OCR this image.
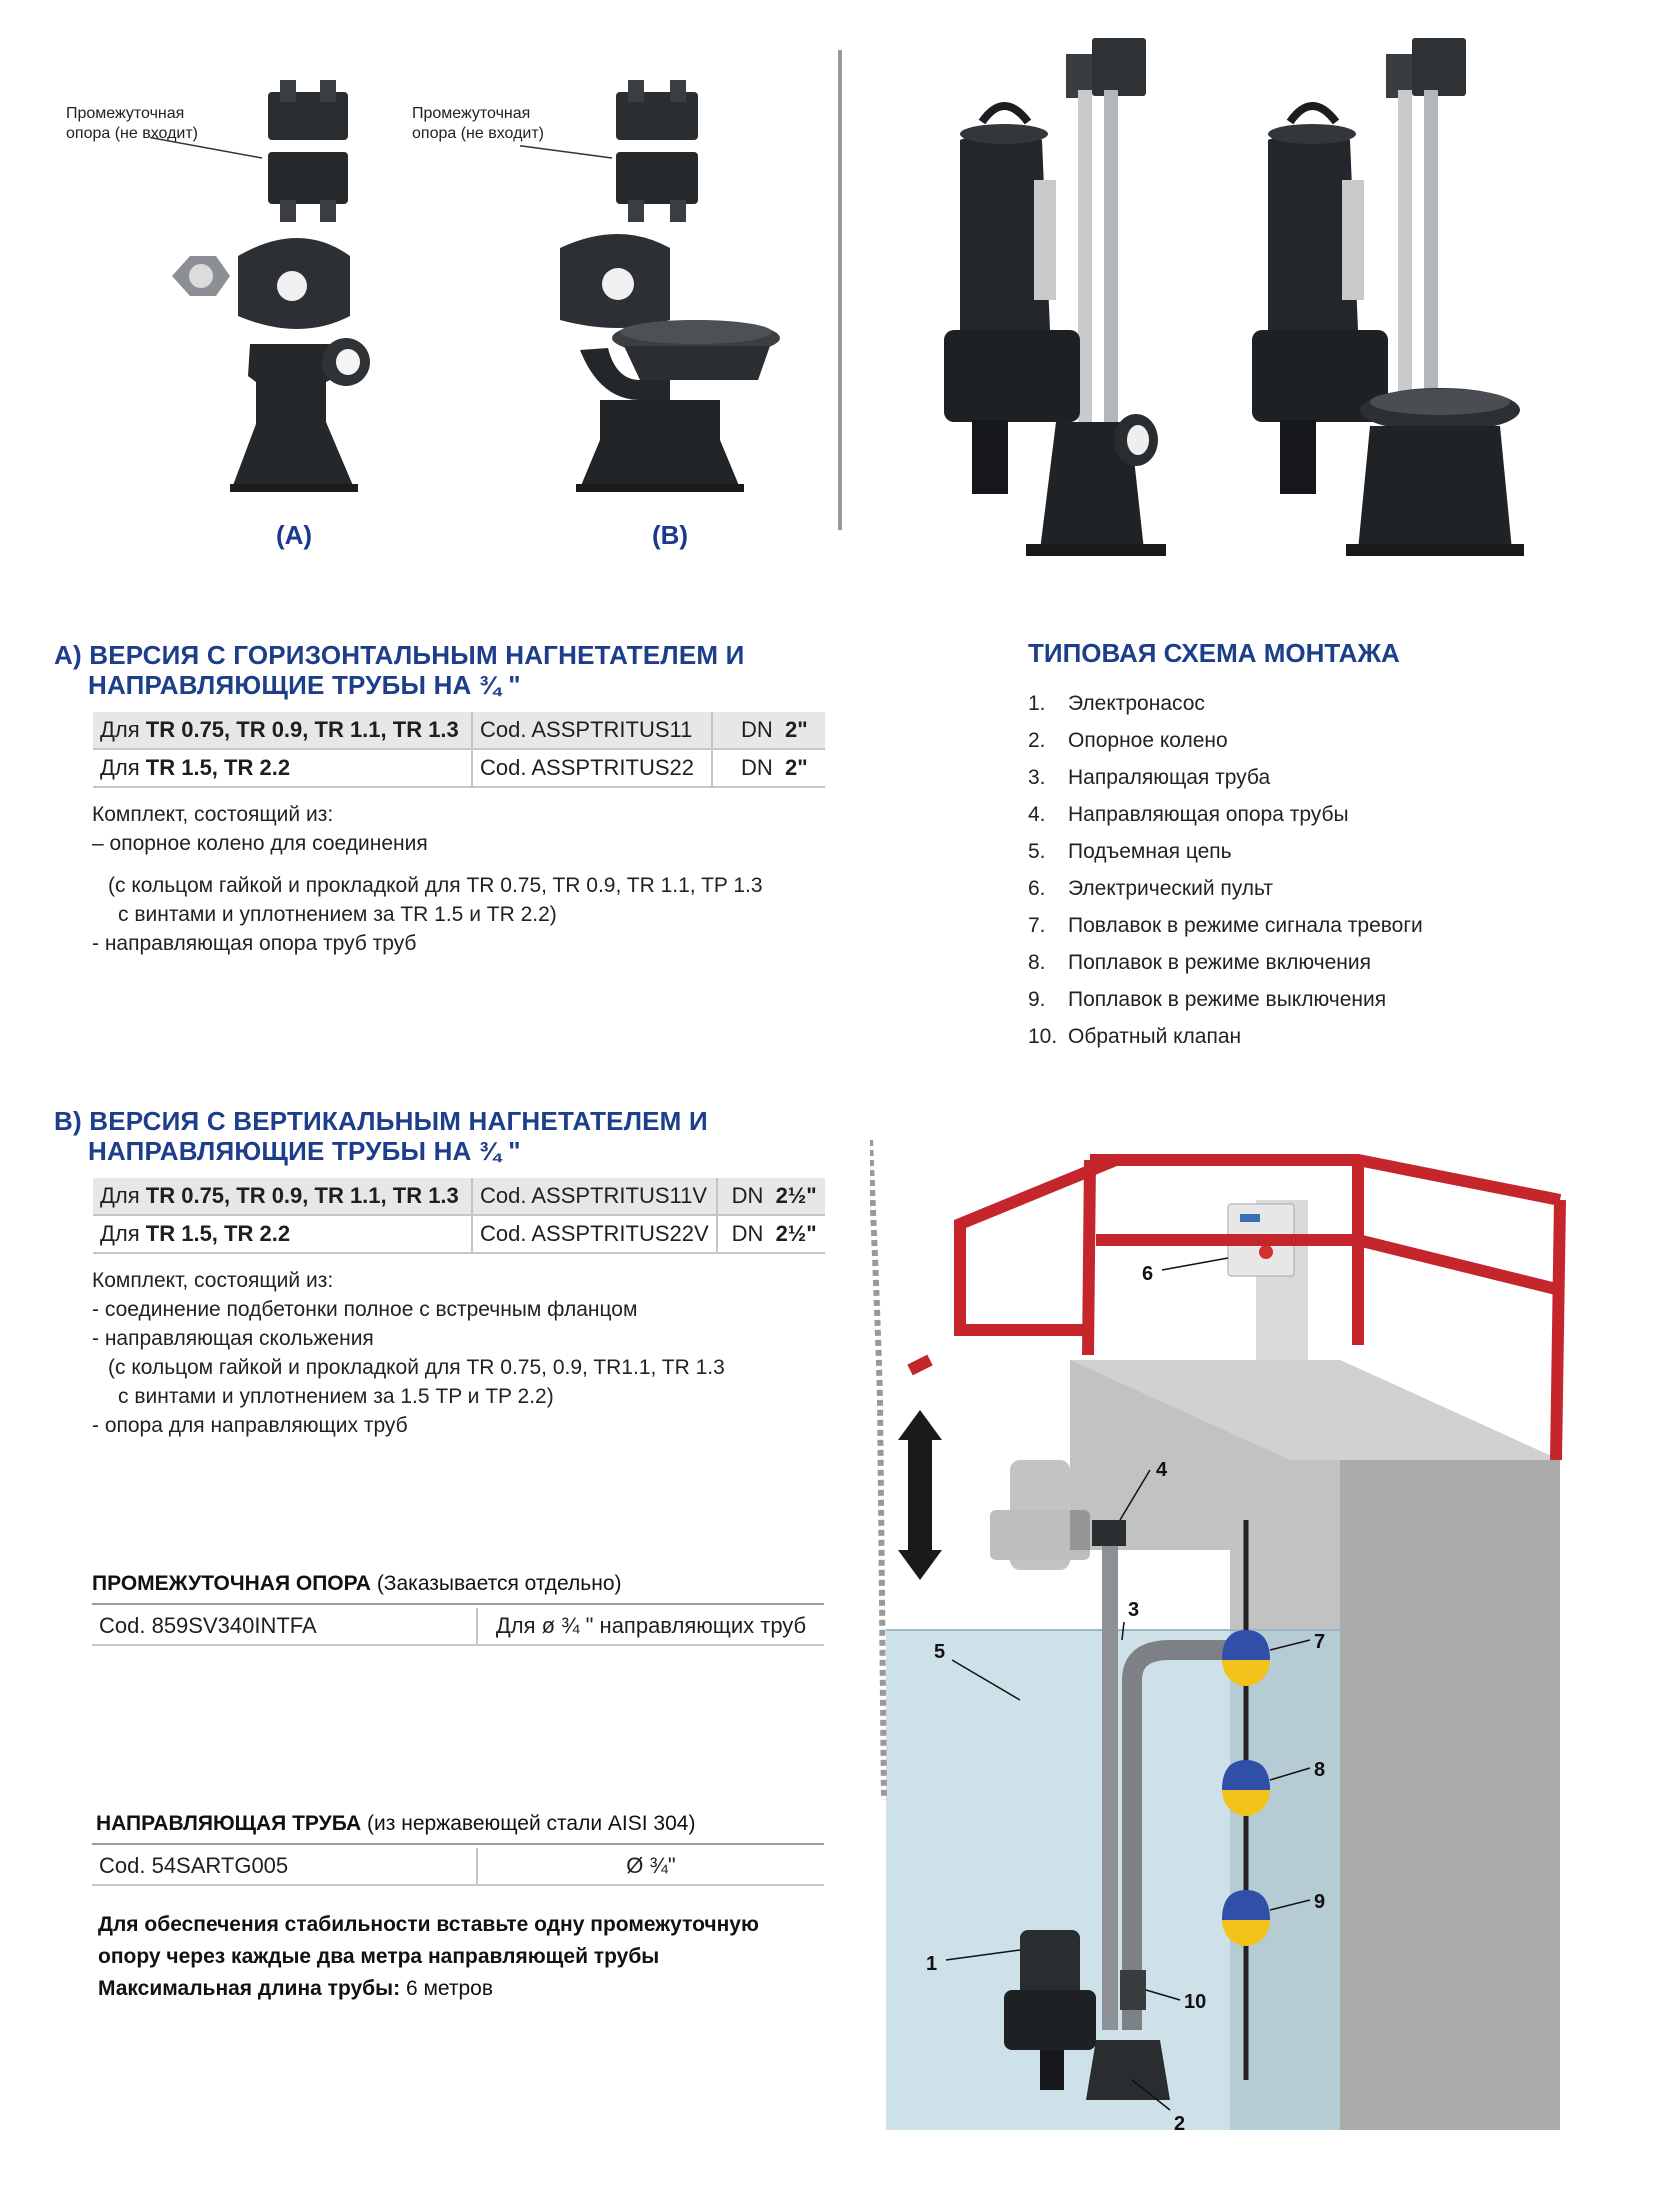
Промежуточная
опора (не входит)
Промежуточная
опора (не входит)
(A)	(B)
A) ВЕРСИЯ С ГОРИЗОНТАЛЬНЫМ НАГНЕТАТЕЛЕМ И
НАПРАВЛЯЮЩИЕ ТРУБЫ НА ¾ "
Для TR 0.75, TR 0.9, TR 1.1, TR 1.3	Cod. ASSPTRITUS11	DN 2"
Для TR 1.5, TR 2.2	Cod. ASSPTRITUS22	DN 2"
Комплект, состоящий из:
– опорное колено для соединения
(с кольцом гайкой и прокладкой для TR 0.75, TR 0.9, TR 1.1, TP 1.3
с винтами и уплотнением за TR 1.5 и TR 2.2)
- направляющая опора труб труб
B) ВЕРСИЯ С ВЕРТИКАЛЬНЫМ НАГНЕТАТЕЛЕМ И
НАПРАВЛЯЮЩИЕ ТРУБЫ НА ¾ "
Для TR 0.75, TR 0.9, TR 1.1, TR 1.3	Cod. ASSPTRITUS11V	DN 2½"
Для TR 1.5, TR 2.2	Cod. ASSPTRITUS22V	DN 2½"
Комплект, состоящий из:
- соединение подбетонки полное с встречным фланцом
- направляющая скольжения
(с кольцом гайкой и прокладкой для TR 0.75, 0.9, TR1.1, TR 1.3
с винтами и уплотнением за 1.5 TP и TP 2.2)
- опора для направляющих труб
ПРОМЕЖУТОЧНАЯ ОПОРА (Заказывается отдельно)
Cod. 859SV340INTFA	Для ø ¾ " направляющих труб
НАПРАВЛЯЮЩАЯ ТРУБА (из нержавеющей стали AISI 304)
Cod. 54SARTG005	Ø ¾"
Для обеспечения стабильности вставьте одну промежуточную
опору через каждые два метра направляющей трубы
Максимальная длина трубы: 6 метров
ТИПОВАЯ СХЕМА МОНТАЖА
1. Электронасос
2. Опорное колено
3. Напраляющая труба
4. Направляющая опора трубы
5. Подъемная цепь
6. Электрический пульт
7. Повлавок в режиме сигнала тревоги
8. Поплавок в режиме включения
9. Поплавок в режиме выключения
10. Обратный клапан
1
2
3
4
5
6
7
8
9
10
